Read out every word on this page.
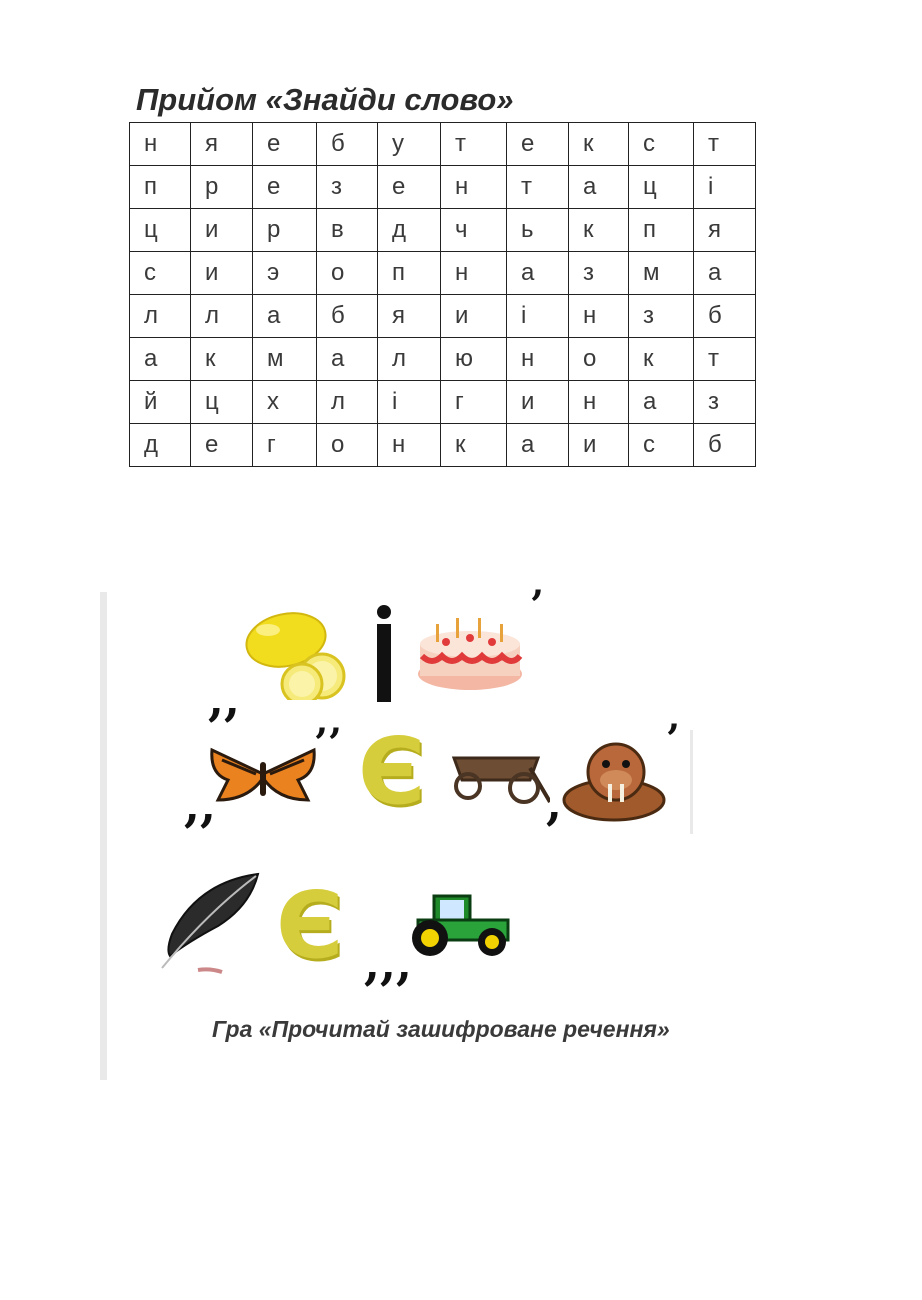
Прийом «Знайди слово»
н	я	е	б	у	т	е	к	с	т
п	р	е	з	е	н	т	а	ц	і
ц	и	р	в	д	ч	ь	к	п	я
с	и	э	о	п	н	а	з	м	а
л	л	а	б	я	и	і	н	з	б
а	к	м	а	л	ю	н	о	к	т
й	ц	х	л	і	г	и	н	а	з
д	е	г	о	н	к	а	и	с	б
,,
’
,,
’’ Є	,
’
Є ,,,
Гра «Прочитай зашифроване речення»
